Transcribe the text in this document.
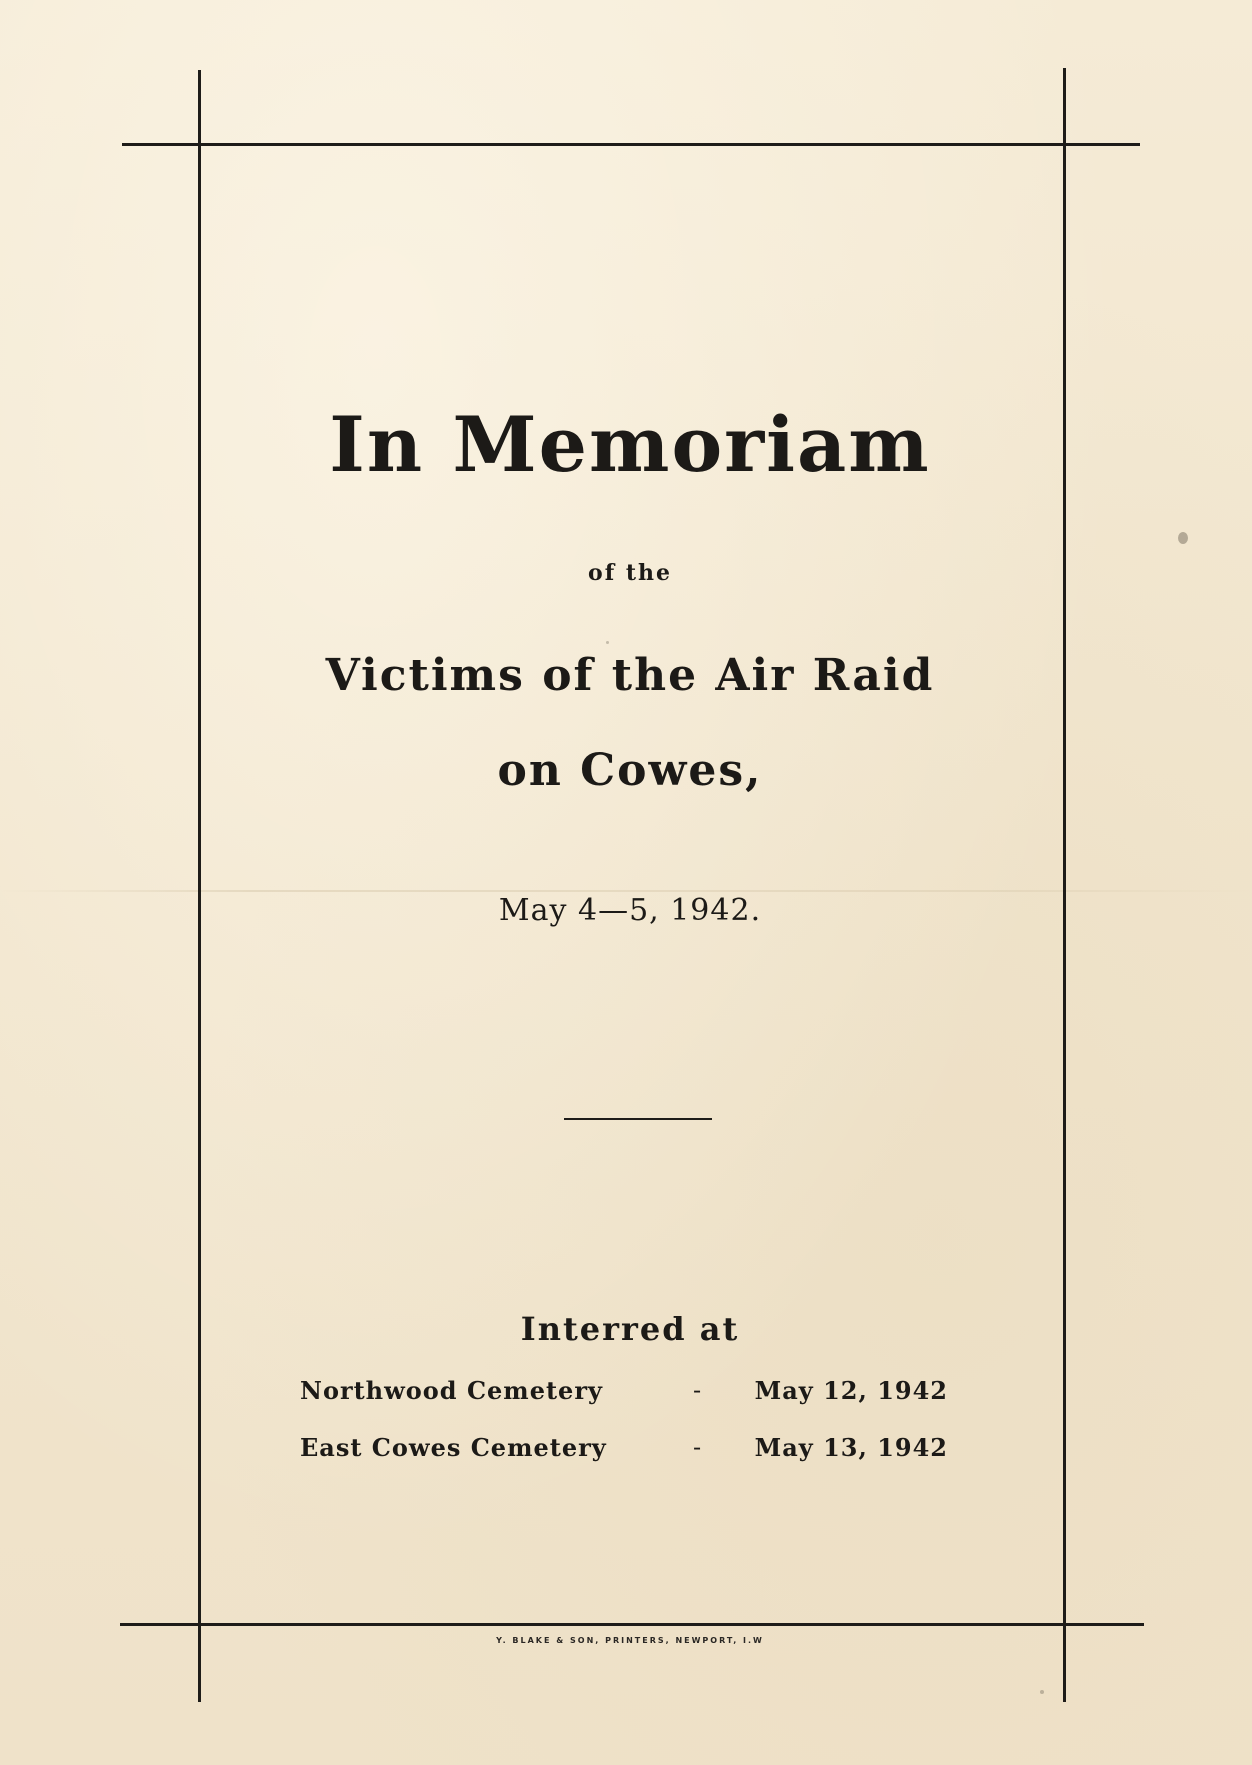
In Memoriam
of the
Victims of the Air Raid
on Cowes,
May 4—5, 1942.
Interred at
Northwood Cemetery	- May 12, 1942
East Cowes Cemetery	- May 13, 1942
Y. BLAKE & SON, PRINTERS, NEWPORT, I.W
